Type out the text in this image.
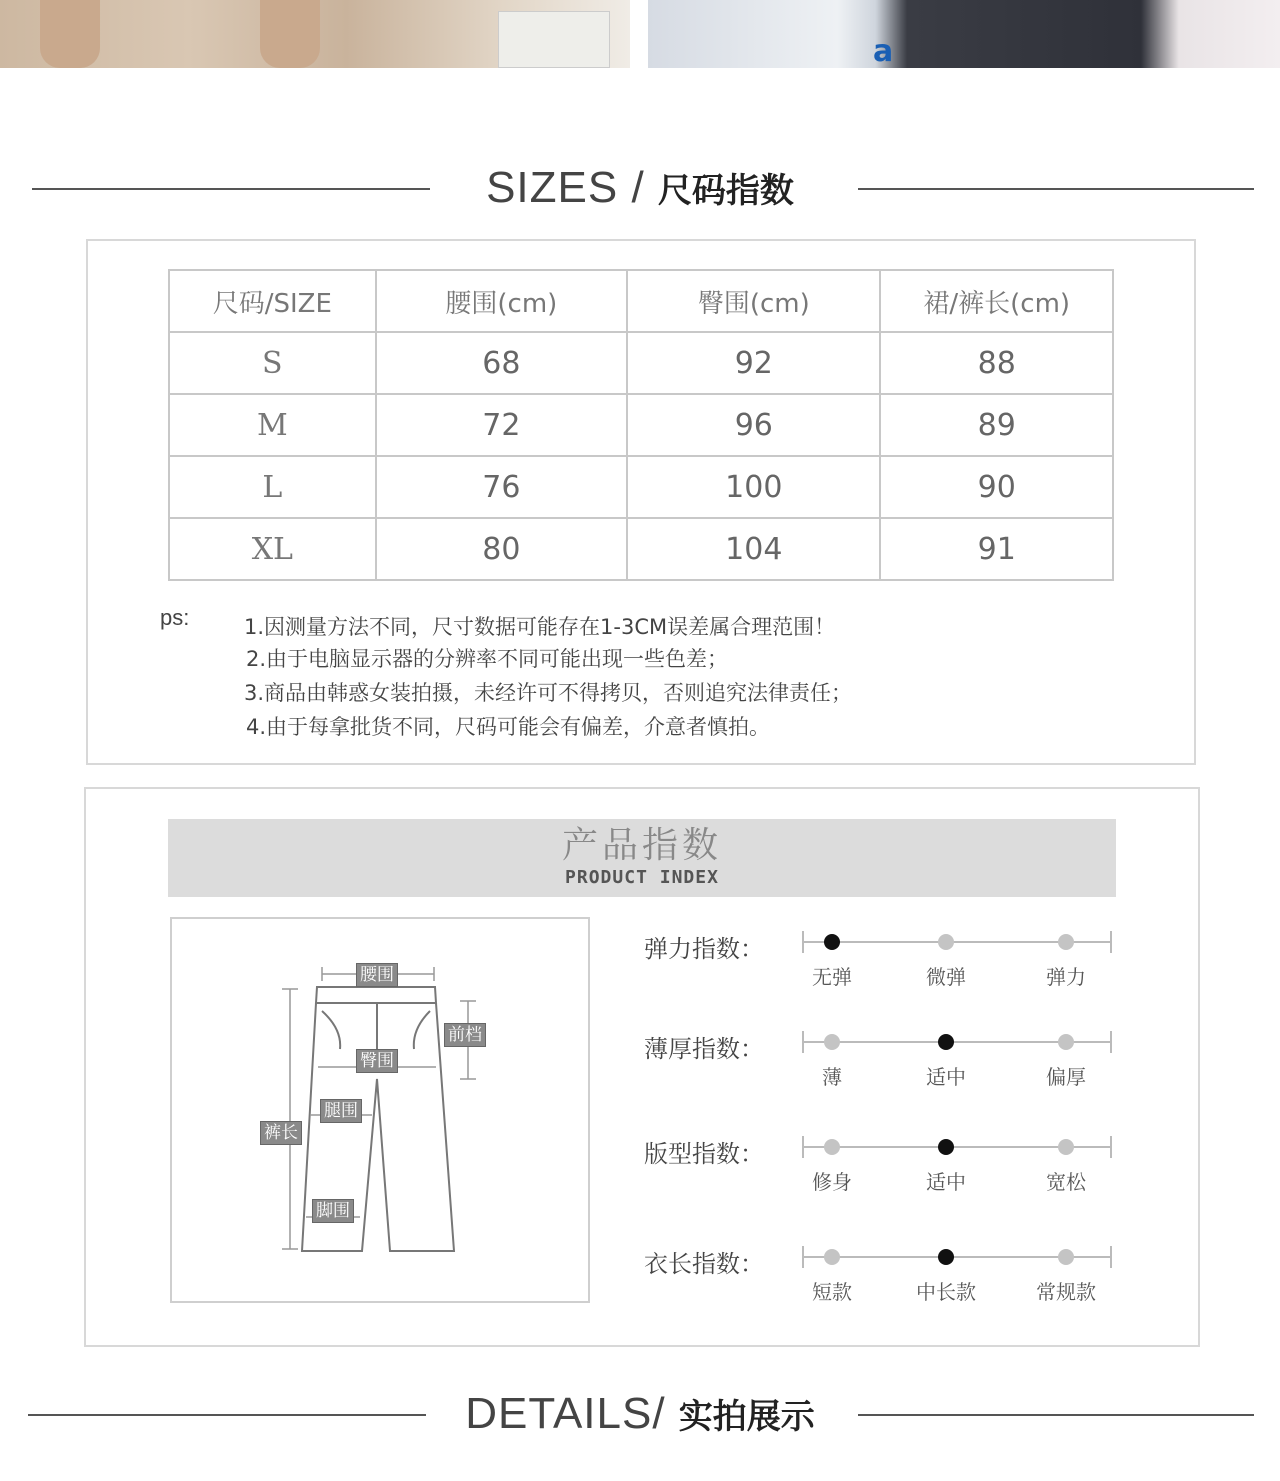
a
SIZES / 尺码指数
尺码/SIZE	腰围(cm)	臀围(cm)	裙/裤长(cm)
S	68	92	88
M	72	96	89
L	76	100	90
XL	80	104	91
ps:	1.因测量方法不同，尺寸数据可能存在1-3CM误差属合理范围！
2.由于电脑显示器的分辨率不同可能出现一些色差；
3.商品由韩惑女装拍摄，未经许可不得拷贝，否则追究法律责任；
4.由于每拿批货不同，尺码可能会有偏差，介意者慎拍。
产品指数
PRODUCT INDEX
腰围
前档
臀围
腿围
裤长
脚围
弹力指数：
无弹	微弹	弹力
薄厚指数：
薄	适中	偏厚
版型指数：
修身	适中	宽松
衣长指数：
短款	中长款	常规款
DETAILS/ 实拍展示
